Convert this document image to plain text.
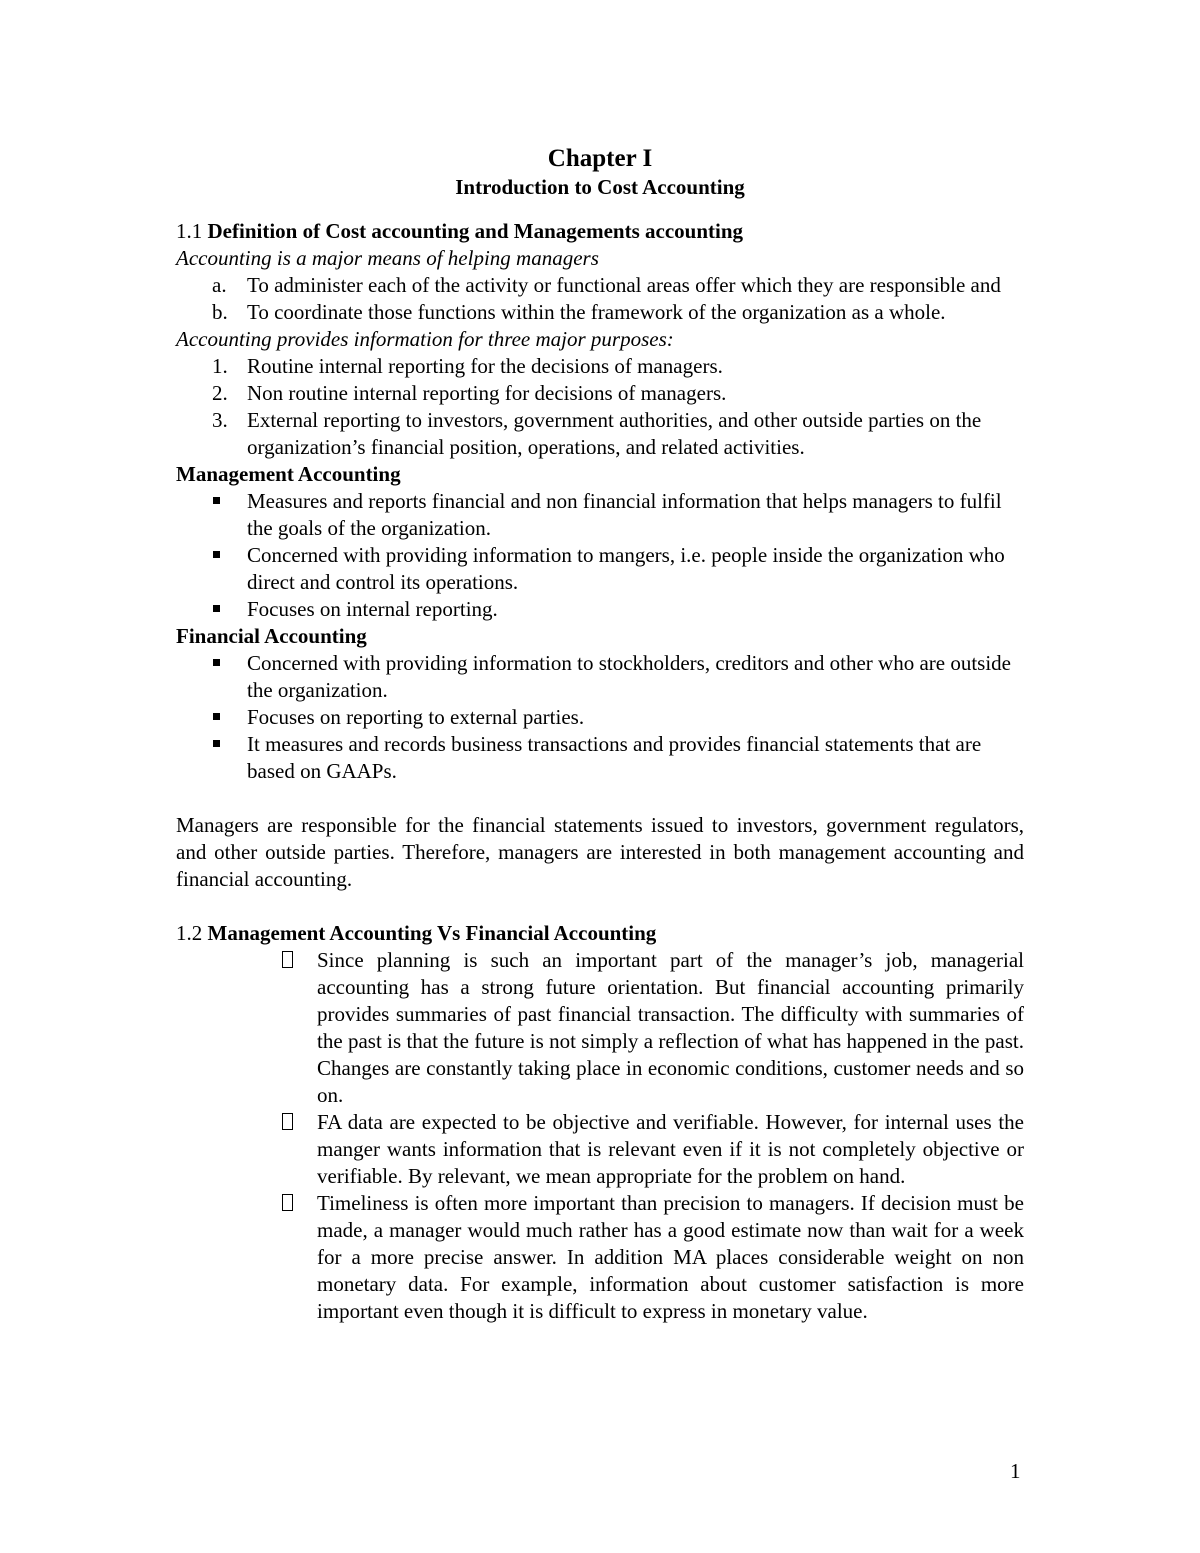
Chapter I
Introduction to Cost Accounting
1.1 Definition of Cost accounting and Managements accounting
Accounting is a major means of helping managers
a. To administer each of the activity or functional areas offer which they are responsible and
b. To coordinate those functions within the framework of the organization as a whole.
Accounting provides information for three major purposes:
1. Routine internal reporting for the decisions of managers.
2. Non routine internal reporting for decisions of managers.
3. External reporting to investors, government authorities, and other outside parties on the organization’s financial position, operations, and related activities.
Management Accounting
Measures and reports financial and non financial information that helps managers to fulfil the goals of the organization.
Concerned with providing information to mangers, i.e. people inside the organization who direct and control its operations.
Focuses on internal reporting.
Financial Accounting
Concerned with providing information to stockholders, creditors and other who are outside the organization.
Focuses on reporting to external parties.
It measures and records business transactions and provides financial statements that are based on GAAPs.

Managers are responsible for the financial statements issued to investors, government regulators, and other outside parties. Therefore, managers are interested in both management accounting and financial accounting.

1.2 Management Accounting Vs Financial Accounting
Since planning is such an important part of the manager’s job, managerial accounting has a strong future orientation. But financial accounting primarily provides summaries of past financial transaction. The difficulty with summaries of the past is that the future is not simply a reflection of what has happened in the past. Changes are constantly taking place in economic conditions, customer needs and so on.
FA data are expected to be objective and verifiable. However, for internal uses the manger wants information that is relevant even if it is not completely objective or verifiable. By relevant, we mean appropriate for the problem on hand.
Timeliness is often more important than precision to managers. If decision must be made, a manager would much rather has a good estimate now than wait for a week for a more precise answer. In addition MA places considerable weight on non monetary data. For example, information about customer satisfaction is more important even though it is difficult to express in monetary value.
1
